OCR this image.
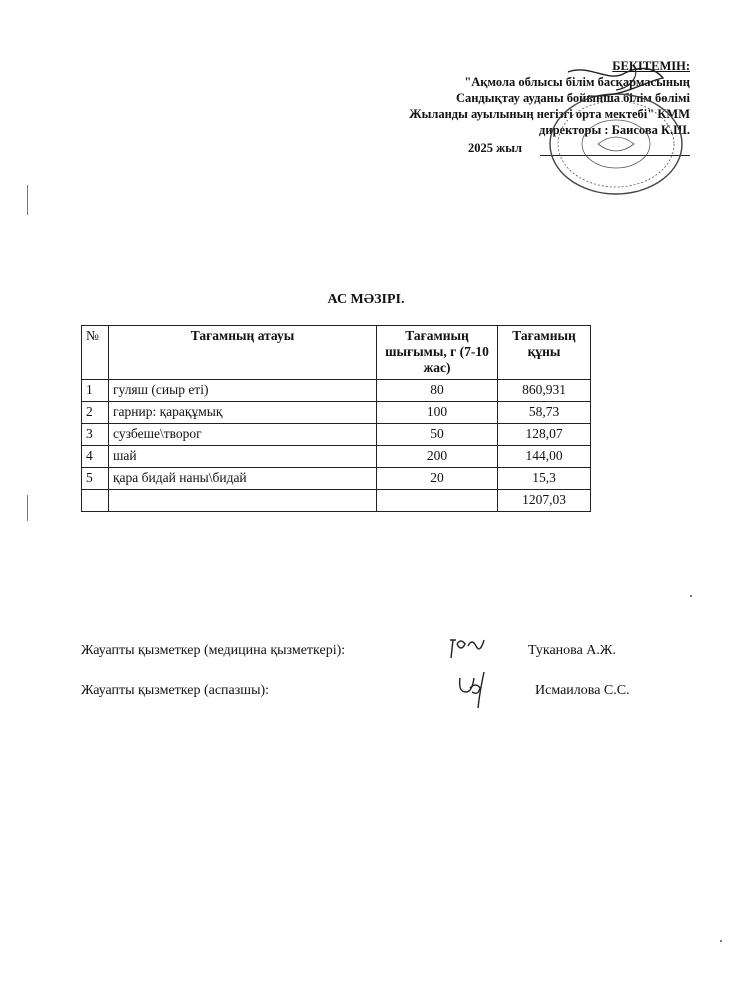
БЕКІТЕМІН:
"Ақмола облысы білім басқармасының
Сандықтау ауданы бойынша білім бөлімі
Жыланды ауылының негізгі орта мектебі" КММ
директоры : Баисова К.Ш.
2025 жыл
АС МӘЗІРІ.
№	Тағамның атауы	Тағамның шығымы, г (7-10 жас)	Тағамның құны
1	гуляш (сиыр еті)	80	860,931
2	гарнир: қарақұмық	100	58,73
3	сузбеше\творог	50	128,07
4	шай	200	144,00
5	қара бидай наны\бидай	20	15,3
			1207,03
Жауапты қызметкер (медицина қызметкері):	Туканова А.Ж.
Жауапты қызметкер (аспазшы):	Исмаилова С.С.
